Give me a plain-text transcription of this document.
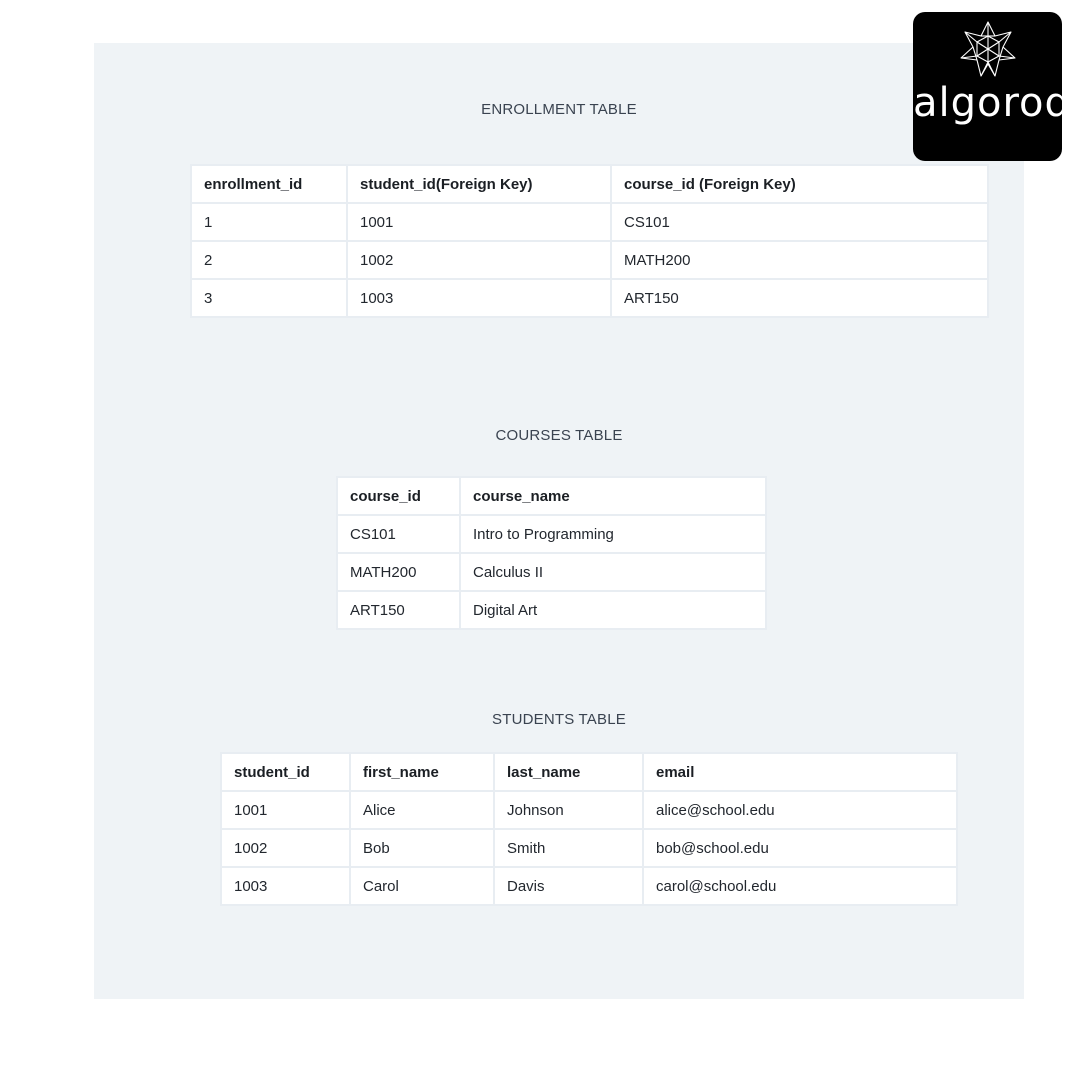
ENROLLMENT TABLE
enrollment_id	student_id(Foreign Key)	course_id (Foreign Key)
1	1001	CS101
2	1002	MATH200
3	1003	ART150
COURSES TABLE
course_id	course_name
CS101	Intro to Programming
MATH200	Calculus II
ART150	Digital Art
STUDENTS TABLE
student_id	first_name	last_name	email
1001	Alice	Johnson	alice@school.edu
1002	Bob	Smith	bob@school.edu
1003	Carol	Davis	carol@school.edu
algoroq
